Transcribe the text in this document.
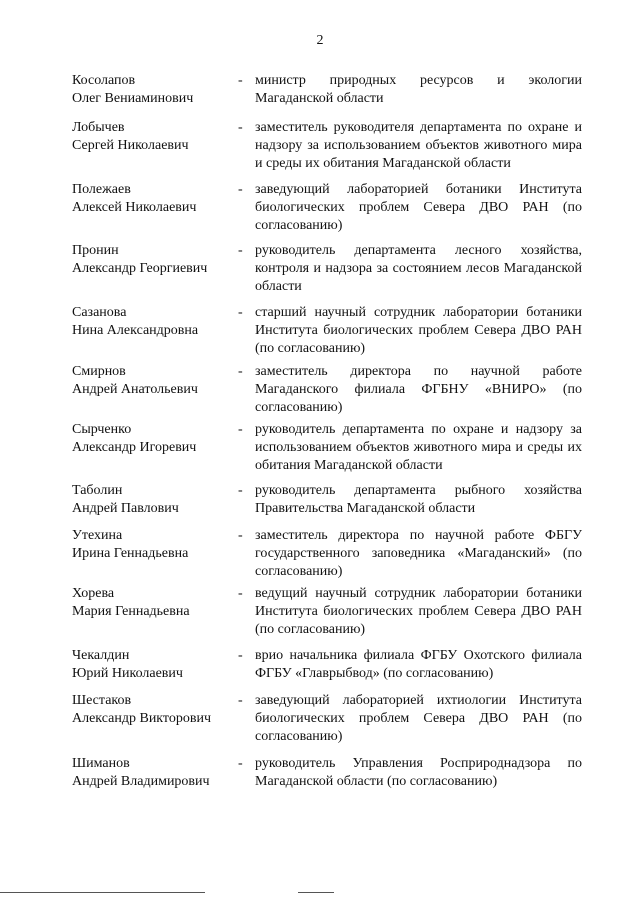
2
Косолапов
Олег Вениаминович
- министр природных ресурсов и экологии Магаданской области
Лобычев
Сергей Николаевич
- заместитель руководителя департамента по охране и надзору за использованием объектов животного мира и среды их обитания Магаданской области
Полежаев
Алексей Николаевич
- заведующий лабораторией ботаники Института биологических проблем Севера ДВО РАН (по согласованию)
Пронин
Александр Георгиевич
- руководитель департамента лесного хозяйства, контроля и надзора за состоянием лесов Магаданской области
Сазанова
Нина Александровна
- старший научный сотрудник лаборатории ботаники Института биологических проблем Севера ДВО РАН (по согласованию)
Смирнов
Андрей Анатольевич
- заместитель директора по научной работе Магаданского филиала ФГБНУ «ВНИРО» (по согласованию)
Сырченко
Александр Игоревич
- руководитель департамента по охране и надзору за использованием объектов животного мира и среды их обитания Магаданской области
Таболин
Андрей Павлович
- руководитель департамента рыбного хозяйства Правительства Магаданской области
Утехина
Ирина Геннадьевна
- заместитель директора по научной работе ФБГУ государственного заповедника «Магаданский» (по согласованию)
Хорева
Мария Геннадьевна
- ведущий научный сотрудник лаборатории ботаники Института биологических проблем Севера ДВО РАН (по согласованию)
Чекалдин
Юрий Николаевич
- врио начальника филиала ФГБУ Охотского филиала ФГБУ «Главрыбвод» (по согласованию)
Шестаков
Александр Викторович
- заведующий лабораторией ихтиологии Института биологических проблем Севера ДВО РАН (по согласованию)
Шиманов
Андрей Владимирович
- руководитель Управления Росприроднадзора по Магаданской области (по согласованию)
